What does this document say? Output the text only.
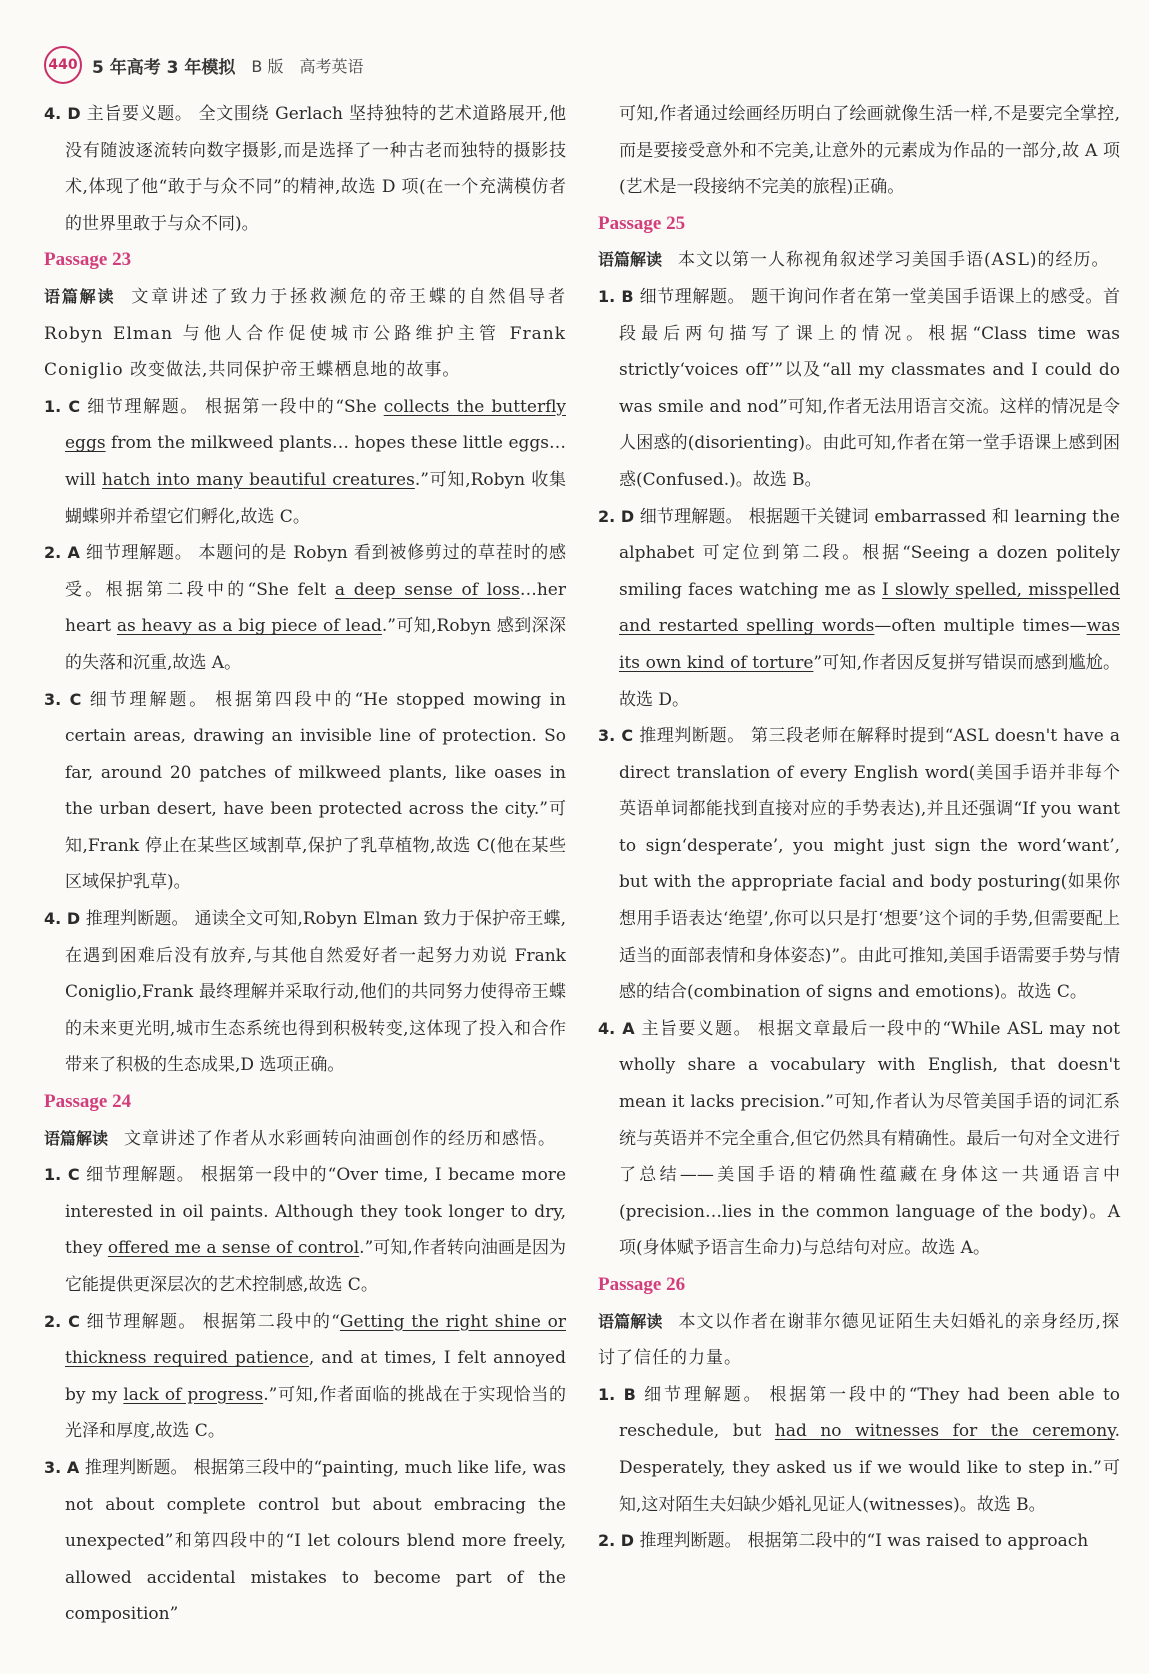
440 5 年高考 3 年模拟 B 版 高考英语

4. D 主旨要义题。 全文围绕 Gerlach 坚持独特的艺术道路展开,他没有随波逐流转向数字摄影,而是选择了一种古老而独特的摄影技术,体现了他“敢于与众不同”的精神,故选 D 项(在一个充满模仿者的世界里敢于与众不同)。

Passage 23

语篇解读 文章讲述了致力于拯救濒危的帝王蝶的自然倡导者 Robyn Elman 与他人合作促使城市公路维护主管 Frank Coniglio 改变做法,共同保护帝王蝶栖息地的故事。

1. C 细节理解题。 根据第一段中的“She collects the butterfly eggs from the milkweed plants… hopes these little eggs… will hatch into many beautiful creatures.”可知,Robyn 收集蝴蝶卵并希望它们孵化,故选 C。

2. A 细节理解题。 本题问的是 Robyn 看到被修剪过的草茬时的感受。根据第二段中的“She felt a deep sense of loss…her heart as heavy as a big piece of lead.”可知,Robyn 感到深深的失落和沉重,故选 A。

3. C 细节理解题。 根据第四段中的“He stopped mowing in certain areas, drawing an invisible line of protection. So far, around 20 patches of milkweed plants, like oases in the urban desert, have been protected across the city.”可知,Frank 停止在某些区域割草,保护了乳草植物,故选 C(他在某些区域保护乳草)。

4. D 推理判断题。 通读全文可知,Robyn Elman 致力于保护帝王蝶,在遇到困难后没有放弃,与其他自然爱好者一起努力劝说 Frank Coniglio,Frank 最终理解并采取行动,他们的共同努力使得帝王蝶的未来更光明,城市生态系统也得到积极转变,这体现了投入和合作带来了积极的生态成果,D 选项正确。

Passage 24

语篇解读 文章讲述了作者从水彩画转向油画创作的经历和感悟。

1. C 细节理解题。 根据第一段中的“Over time, I became more interested in oil paints. Although they took longer to dry, they offered me a sense of control.”可知,作者转向油画是因为它能提供更深层次的艺术控制感,故选 C。

2. C 细节理解题。 根据第二段中的“Getting the right shine or thickness required patience, and at times, I felt annoyed by my lack of progress.”可知,作者面临的挑战在于实现恰当的光泽和厚度,故选 C。

3. A 推理判断题。 根据第三段中的“painting, much like life, was not about complete control but about embracing the unexpected”和第四段中的“I let colours blend more freely, allowed accidental mistakes to become part of the composition”

可知,作者通过绘画经历明白了绘画就像生活一样,不是要完全掌控,而是要接受意外和不完美,让意外的元素成为作品的一部分,故 A 项(艺术是一段接纳不完美的旅程)正确。

Passage 25

语篇解读 本文以第一人称视角叙述学习美国手语(ASL)的经历。

1. B 细节理解题。 题干询问作者在第一堂美国手语课上的感受。首段最后两句描写了课上的情况。根据“Class time was strictly‘voices off’”以及“all my classmates and I could do was smile and nod”可知,作者无法用语言交流。这样的情况是令人困惑的(disorienting)。由此可知,作者在第一堂手语课上感到困惑(Confused.)。故选 B。

2. D 细节理解题。 根据题干关键词 embarrassed 和 learning the alphabet 可定位到第二段。根据“Seeing a dozen politely smiling faces watching me as I slowly spelled, misspelled and restarted spelling words—often multiple times—was its own kind of torture”可知,作者因反复拼写错误而感到尴尬。故选 D。

3. C 推理判断题。 第三段老师在解释时提到“ASL doesn't have a direct translation of every English word(美国手语并非每个英语单词都能找到直接对应的手势表达),并且还强调“If you want to sign‘desperate’, you might just sign the word‘want’, but with the appropriate facial and body posturing(如果你想用手语表达‘绝望’,你可以只是打‘想要’这个词的手势,但需要配上适当的面部表情和身体姿态)”。由此可推知,美国手语需要手势与情感的结合(combination of signs and emotions)。故选 C。

4. A 主旨要义题。 根据文章最后一段中的“While ASL may not wholly share a vocabulary with English, that doesn't mean it lacks precision.”可知,作者认为尽管美国手语的词汇系统与英语并不完全重合,但它仍然具有精确性。最后一句对全文进行了总结——美国手语的精确性蕴藏在身体这一共通语言中(precision…lies in the common language of the body)。A 项(身体赋予语言生命力)与总结句对应。故选 A。

Passage 26

语篇解读 本文以作者在谢菲尔德见证陌生夫妇婚礼的亲身经历,探讨了信任的力量。

1. B 细节理解题。 根据第一段中的“They had been able to reschedule, but had no witnesses for the ceremony. Desperately, they asked us if we would like to step in.”可知,这对陌生夫妇缺少婚礼见证人(witnesses)。故选 B。

2. D 推理判断题。 根据第二段中的“I was raised to approach
